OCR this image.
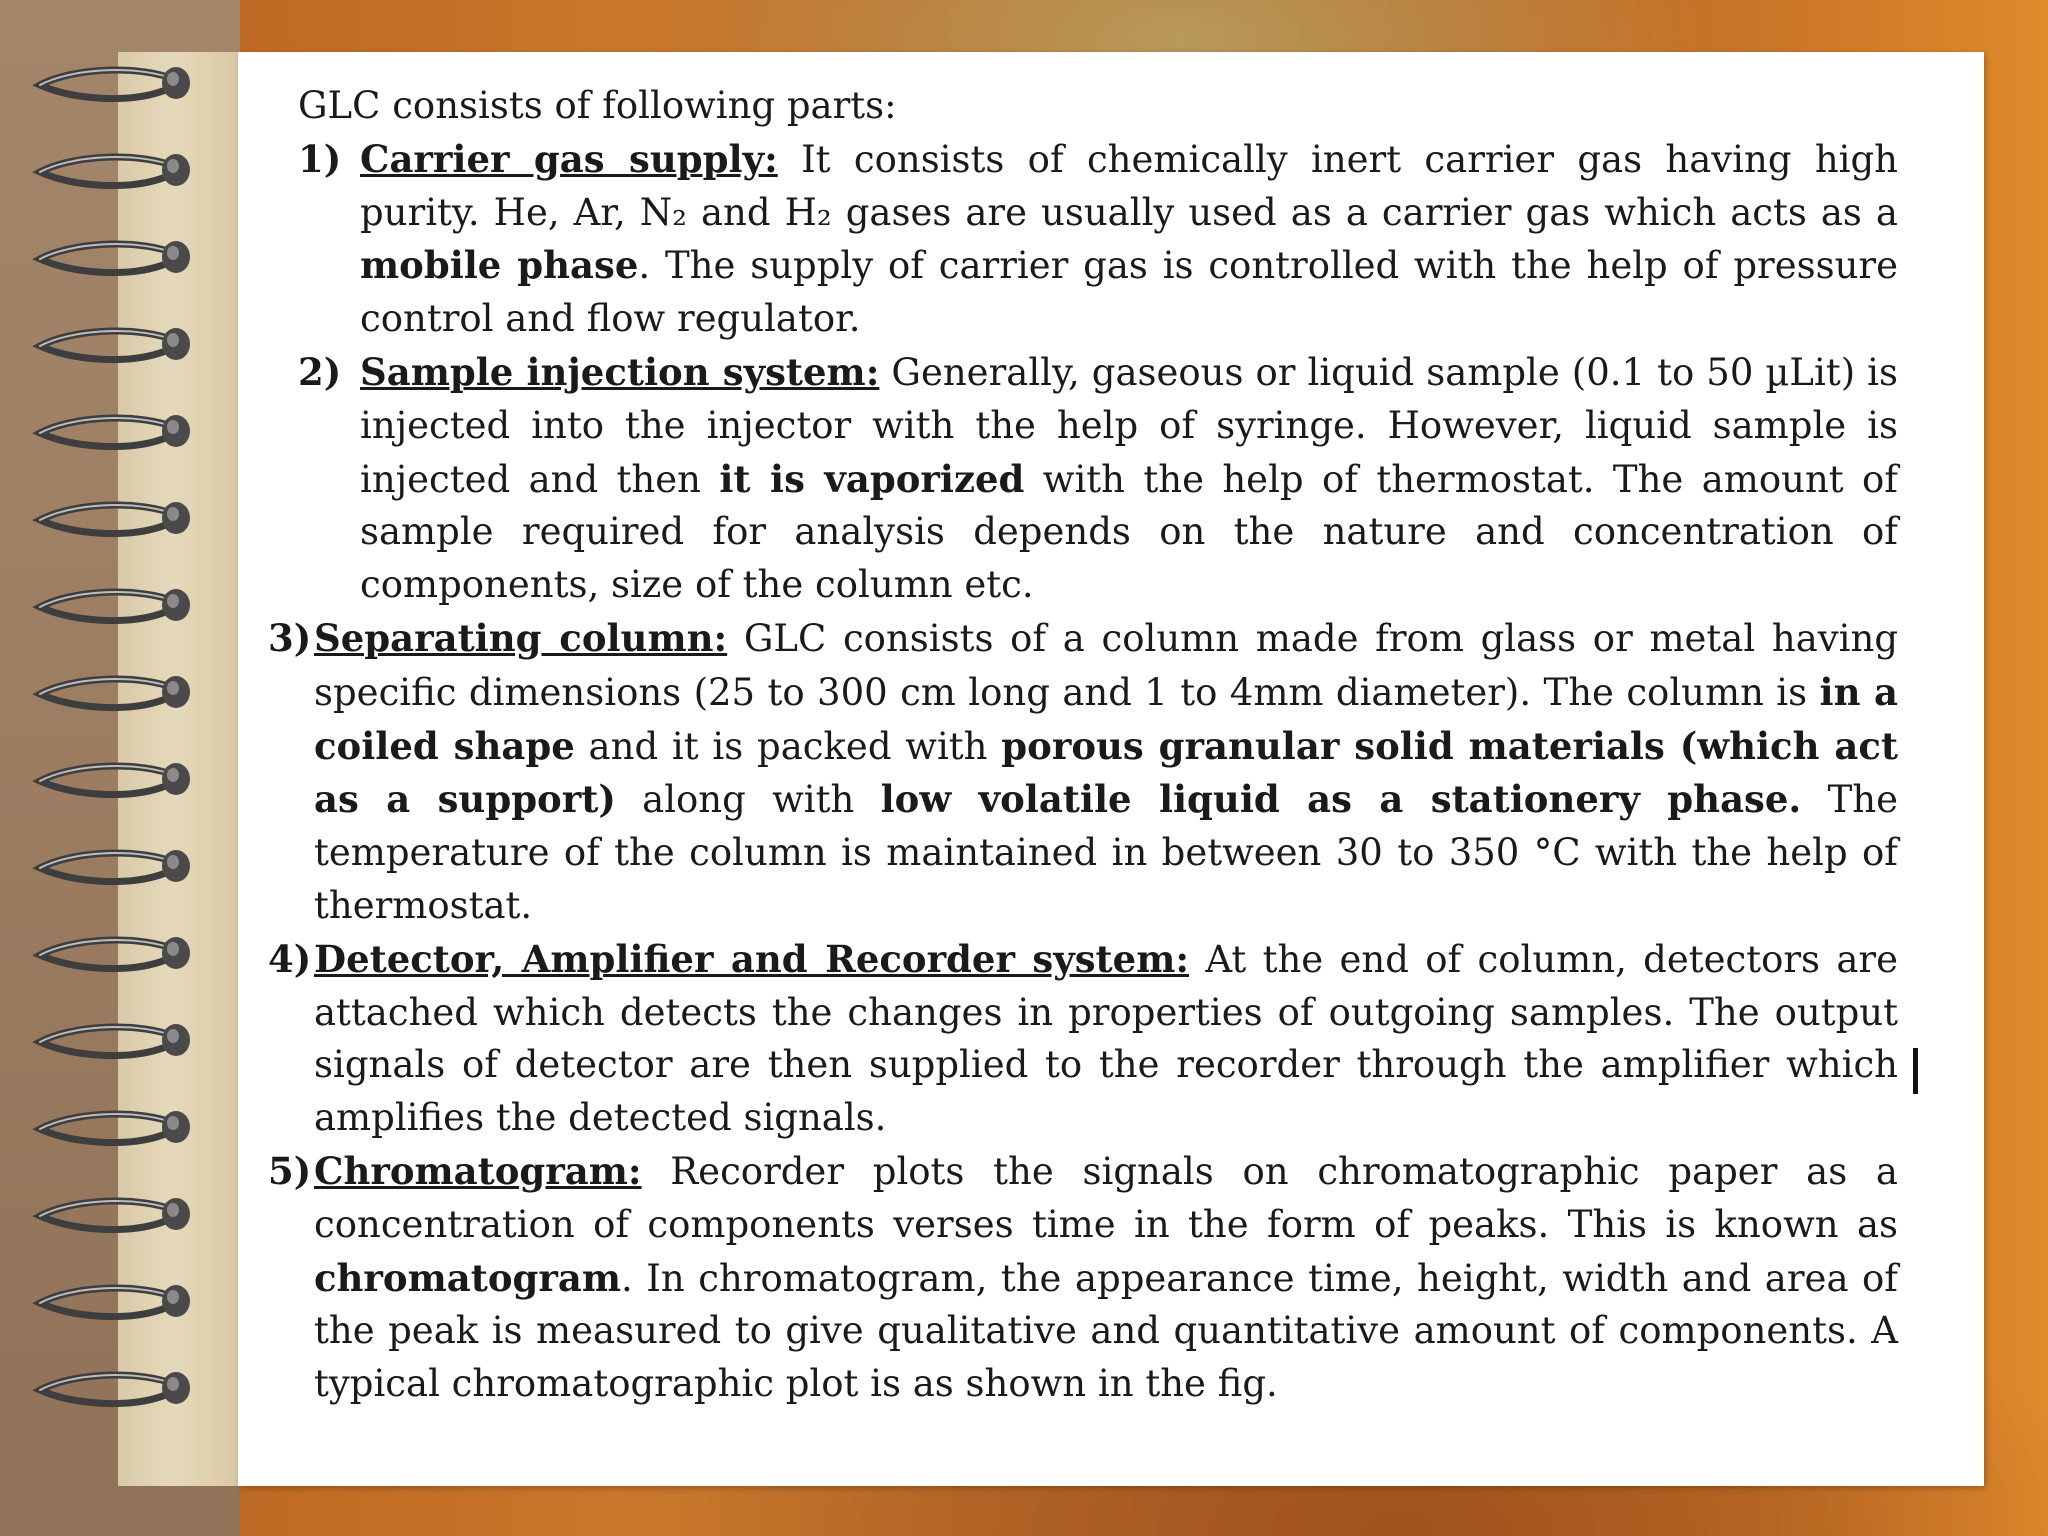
GLC consists of following parts:

1) Carrier gas supply: It consists of chemically inert carrier gas having high purity. He, Ar, N₂ and H₂ gases are usually used as a carrier gas which acts as a mobile phase. The supply of carrier gas is controlled with the help of pressure control and flow regulator.

2) Sample injection system: Generally, gaseous or liquid sample (0.1 to 50 µLit) is injected into the injector with the help of syringe. However, liquid sample is injected and then it is vaporized with the help of thermostat. The amount of sample required for analysis depends on the nature and concentration of components, size of the column etc.

3) Separating column: GLC consists of a column made from glass or metal having specific dimensions (25 to 300 cm long and 1 to 4mm diameter). The column is in a coiled shape and it is packed with porous granular solid materials (which act as a support) along with low volatile liquid as a stationery phase. The temperature of the column is maintained in between 30 to 350 °C with the help of thermostat.

4) Detector, Amplifier and Recorder system: At the end of column, detectors are attached which detects the changes in properties of outgoing samples. The output signals of detector are then supplied to the recorder through the amplifier which amplifies the detected signals.

5) Chromatogram: Recorder plots the signals on chromatographic paper as a concentration of components verses time in the form of peaks. This is known as chromatogram. In chromatogram, the appearance time, height, width and area of the peak is measured to give qualitative and quantitative amount of components. A typical chromatographic plot is as shown in the fig.
